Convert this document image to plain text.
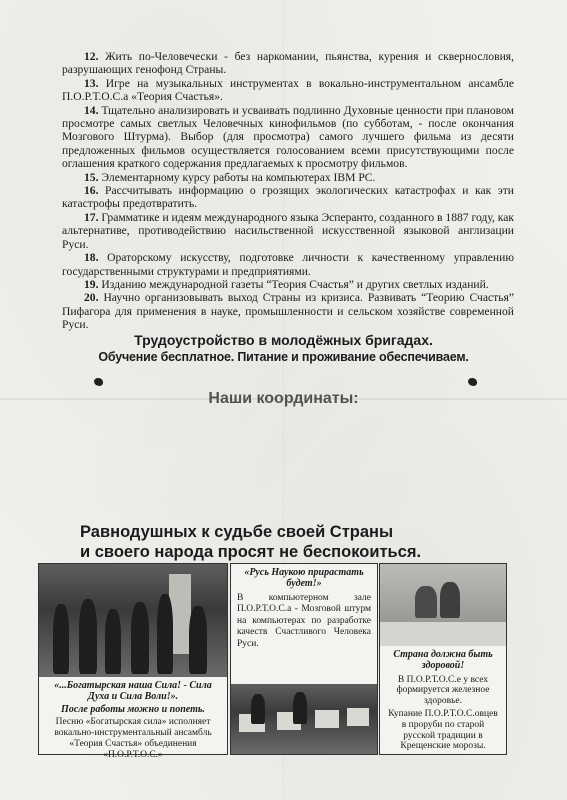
12. Жить по-Человечески - без наркомании, пьянства, курения и сквернословия, разрушающих генофонд Страны.

13. Игре на музыкальных инструментах в вокально-инструментальном ансамбле П.О.Р.Т.О.С.а «Теория Счастья».

14. Тщательно анализировать и усваивать подлинно Духовные ценности при плановом просмотре самых светлых Человечных кинофильмов (по субботам, - после окончания Мозгового Штурма). Выбор (для просмотра) самого лучшего фильма из десяти предложенных фильмов осуществляется голосованием всеми присутствующими после оглашения краткого содержания предлагаемых к просмотру фильмов.

15. Элементарному курсу работы на компьютерах IBM PC.

16. Рассчитывать информацию о грозящих экологических катастрофах и как эти катастрофы предотвратить.

17. Грамматике и идеям международного языка Эсперанто, созданного в 1887 году, как альтернативе, противодействию насильственной искусственной языковой англизации Руси.

18. Ораторскому искусству, подготовке личности к качественному управлению государственными структурами и предприятиями.

19. Изданию международной газеты “Теория Счастья” и других светлых изданий.

20. Научно организовывать выход Страны из кризиса. Развивать “Теорию Счастья” Пифагора для применения в науке, промышленности и сельском хозяйстве современной Руси.

Трудоустройство в молодёжных бригадах.
Обучение бесплатное. Питание и проживание обеспечиваем.
Наши координаты:
Равнодушных к судьбе своей Страны
и своего народа просят не беспокоиться.
«...Богатырская наша Сила! - Сила Духа и Сила Воли!».
После работы можно и попеть.
Песню «Богатырская сила» исполняет вокально-инструментальный ансамбль «Теория Счастья» объединения «П.О.Р.Т.О.С.»
«Русь Наукою прирастать будет!»
В компьютерном зале П.О.Р.Т.О.С.а - Мозговой штурм на компьютерах по разработке качеств Счастливого Человека Руси.
Страна должна быть здоровой!
В П.О.Р.Т.О.С.е у всех формируется железное здоровье.
Купание П.О.Р.Т.О.С.овцев в проруби по старой русской традиции в Крещенские морозы.
